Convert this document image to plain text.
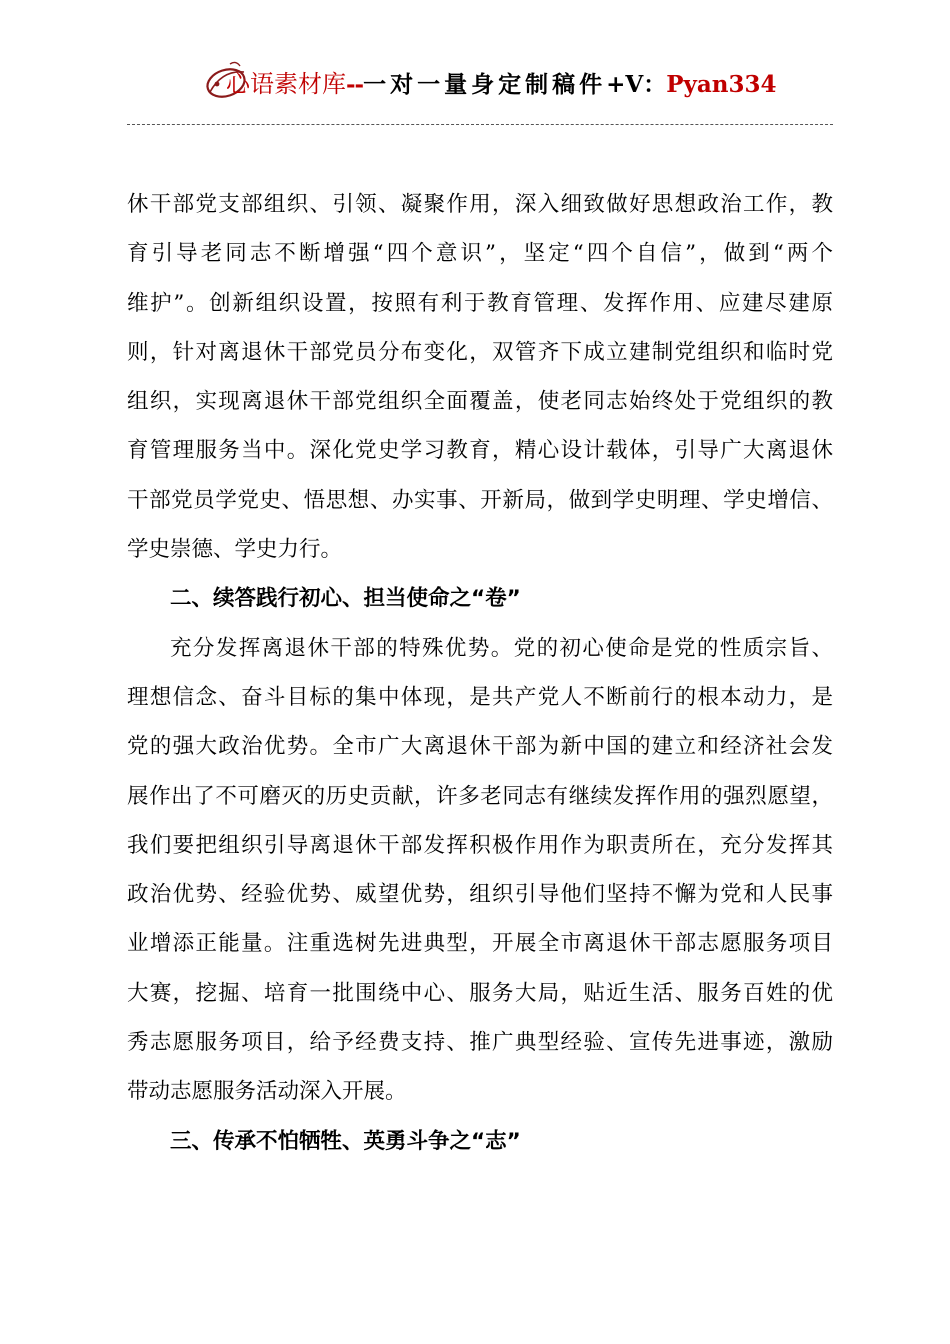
心语素材库--一对一量身定制稿件+V：Pyan334
休干部党支部组织、引领、凝聚作用，深入细致做好思想政治工作，教
育引导老同志不断增强“四个意识”，坚定“四个自信”，做到“两个
维护”。创新组织设置，按照有利于教育管理、发挥作用、应建尽建原
则，针对离退休干部党员分布变化，双管齐下成立建制党组织和临时党
组织，实现离退休干部党组织全面覆盖，使老同志始终处于党组织的教
育管理服务当中。深化党史学习教育，精心设计载体，引导广大离退休
干部党员学党史、悟思想、办实事、开新局，做到学史明理、学史增信、
学史崇德、学史力行。
二、续答践行初心、担当使命之“卷”
充分发挥离退休干部的特殊优势。党的初心使命是党的性质宗旨、
理想信念、奋斗目标的集中体现，是共产党人不断前行的根本动力，是
党的强大政治优势。全市广大离退休干部为新中国的建立和经济社会发
展作出了不可磨灭的历史贡献，许多老同志有继续发挥作用的强烈愿望，
我们要把组织引导离退休干部发挥积极作用作为职责所在，充分发挥其
政治优势、经验优势、威望优势，组织引导他们坚持不懈为党和人民事
业增添正能量。注重选树先进典型，开展全市离退休干部志愿服务项目
大赛，挖掘、培育一批围绕中心、服务大局，贴近生活、服务百姓的优
秀志愿服务项目，给予经费支持、推广典型经验、宣传先进事迹，激励
带动志愿服务活动深入开展。
三、传承不怕牺牲、英勇斗争之“志”
